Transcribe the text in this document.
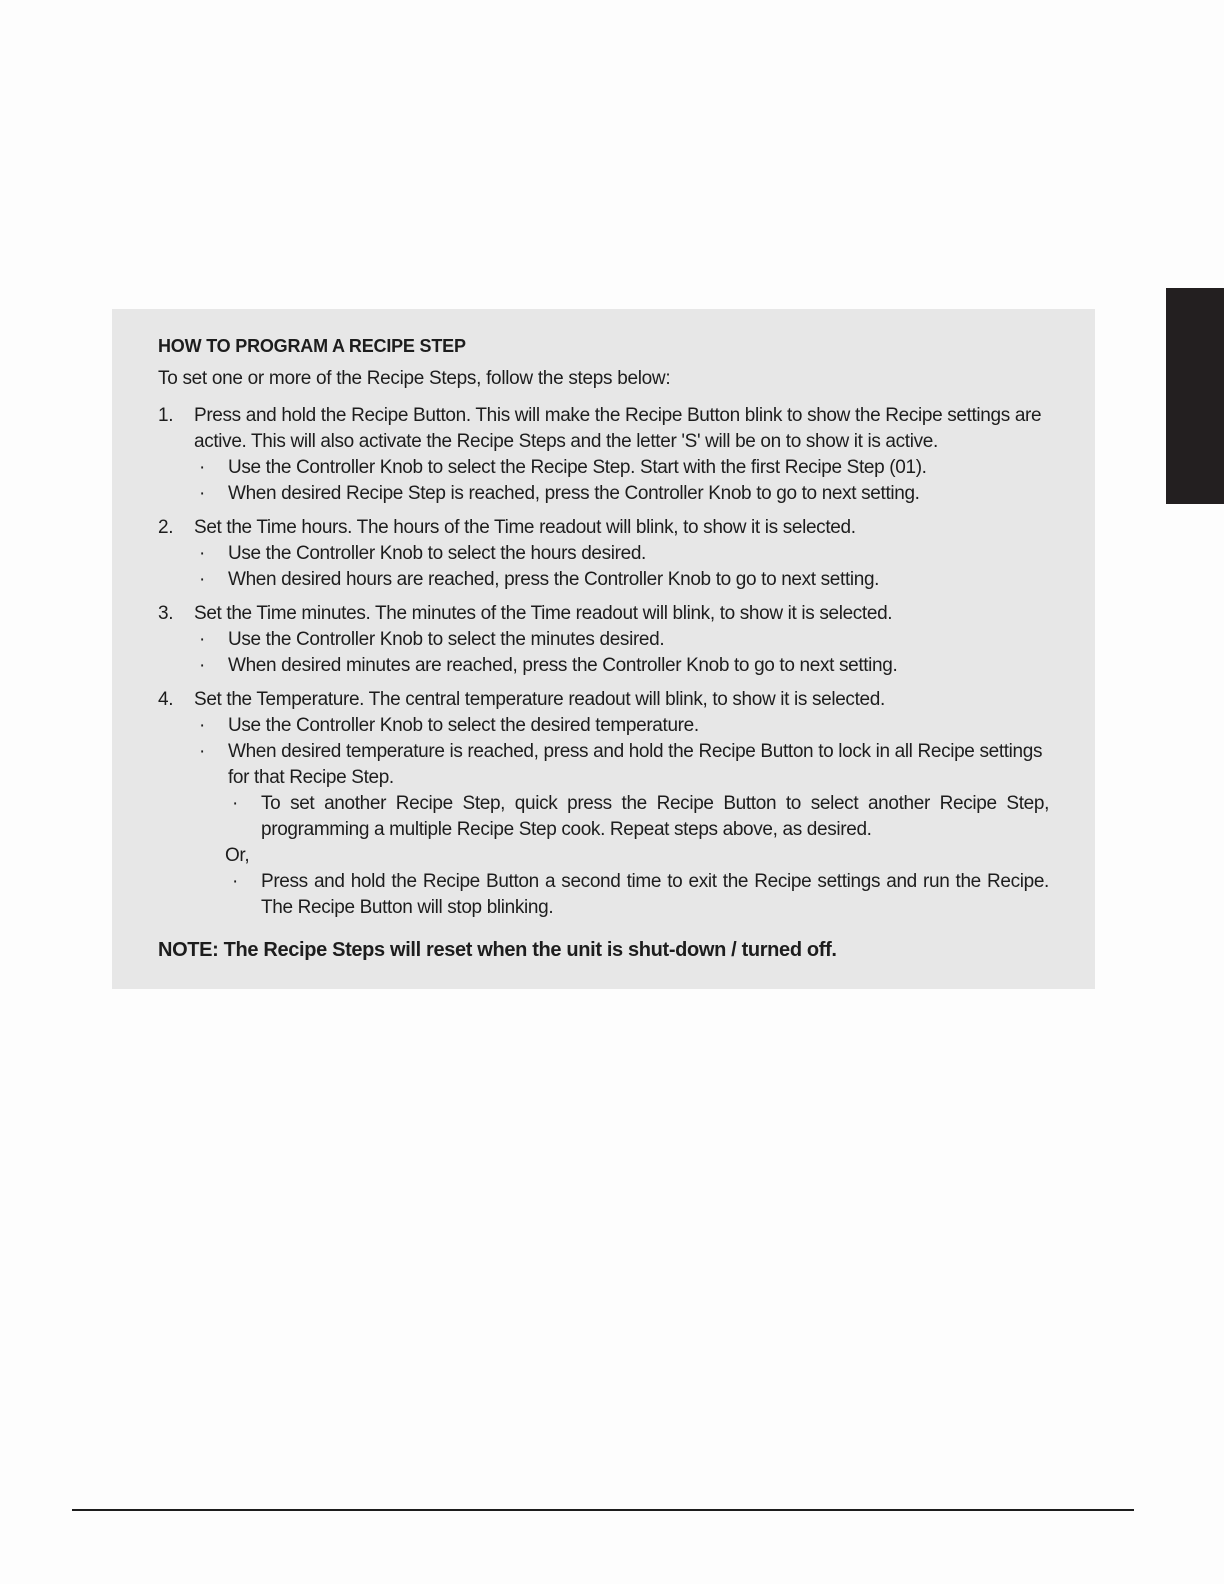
HOW TO PROGRAM A RECIPE STEP
To set one or more of the Recipe Steps, follow the steps below:
1. Press and hold the Recipe Button. This will make the Recipe Button blink to show the Recipe settings are active. This will also activate the Recipe Steps and the letter 'S' will be on to show it is active.
· Use the Controller Knob to select the Recipe Step. Start with the first Recipe Step (01).
· When desired Recipe Step is reached, press the Controller Knob to go to next setting.
2. Set the Time hours. The hours of the Time readout will blink, to show it is selected.
· Use the Controller Knob to select the hours desired.
· When desired hours are reached, press the Controller Knob to go to next setting.
3. Set the Time minutes. The minutes of the Time readout will blink, to show it is selected.
· Use the Controller Knob to select the minutes desired.
· When desired minutes are reached, press the Controller Knob to go to next setting.
4. Set the Temperature. The central temperature readout will blink, to show it is selected.
· Use the Controller Knob to select the desired temperature.
· When desired temperature is reached, press and hold the Recipe Button to lock in all Recipe settings for that Recipe Step.
· To set another Recipe Step, quick press the Recipe Button to select another Recipe Step, programming a multiple Recipe Step cook. Repeat steps above, as desired.
Or,
· Press and hold the Recipe Button a second time to exit the Recipe settings and run the Recipe. The Recipe Button will stop blinking.
NOTE: The Recipe Steps will reset when the unit is shut-down / turned off.
